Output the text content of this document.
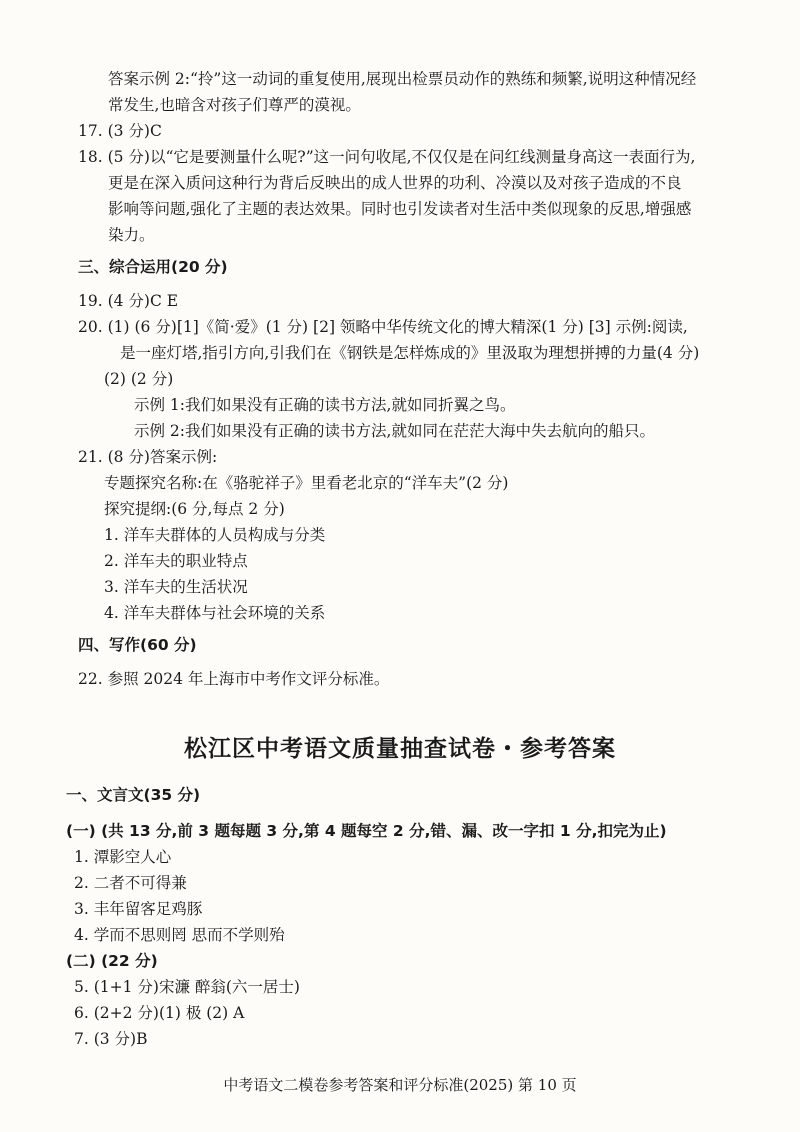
答案示例 2:“拎”这一动词的重复使用,展现出检票员动作的熟练和频繁,说明这种情况经
常发生,也暗含对孩子们尊严的漠视。
17. (3 分)C
18. (5 分)以“它是要测量什么呢?”这一问句收尾,不仅仅是在问红线测量身高这一表面行为,
更是在深入质问这种行为背后反映出的成人世界的功利、冷漠以及对孩子造成的不良
影响等问题,强化了主题的表达效果。同时也引发读者对生活中类似现象的反思,增强感
染力。
三、综合运用(20 分)
19. (4 分)C E
20. (1) (6 分)[1]《简·爱》(1 分) [2] 领略中华传统文化的博大精深(1 分) [3] 示例:阅读,
是一座灯塔,指引方向,引我们在《钢铁是怎样炼成的》里汲取为理想拼搏的力量(4 分)
(2) (2 分)
示例 1:我们如果没有正确的读书方法,就如同折翼之鸟。
示例 2:我们如果没有正确的读书方法,就如同在茫茫大海中失去航向的船只。
21. (8 分)答案示例:
专题探究名称:在《骆驼祥子》里看老北京的“洋车夫”(2 分)
探究提纲:(6 分,每点 2 分)
1. 洋车夫群体的人员构成与分类
2. 洋车夫的职业特点
3. 洋车夫的生活状况
4. 洋车夫群体与社会环境的关系
四、写作(60 分)
22. 参照 2024 年上海市中考作文评分标准。
松江区中考语文质量抽查试卷・参考答案
一、文言文(35 分)
(一) (共 13 分,前 3 题每题 3 分,第 4 题每空 2 分,错、漏、改一字扣 1 分,扣完为止)
1. 潭影空人心
2. 二者不可得兼
3. 丰年留客足鸡豚
4. 学而不思则罔 思而不学则殆
(二) (22 分)
5. (1+1 分)宋濂 醉翁(六一居士)
6. (2+2 分)(1) 极 (2) A
7. (3 分)B
中考语文二模卷参考答案和评分标准(2025) 第 10 页
